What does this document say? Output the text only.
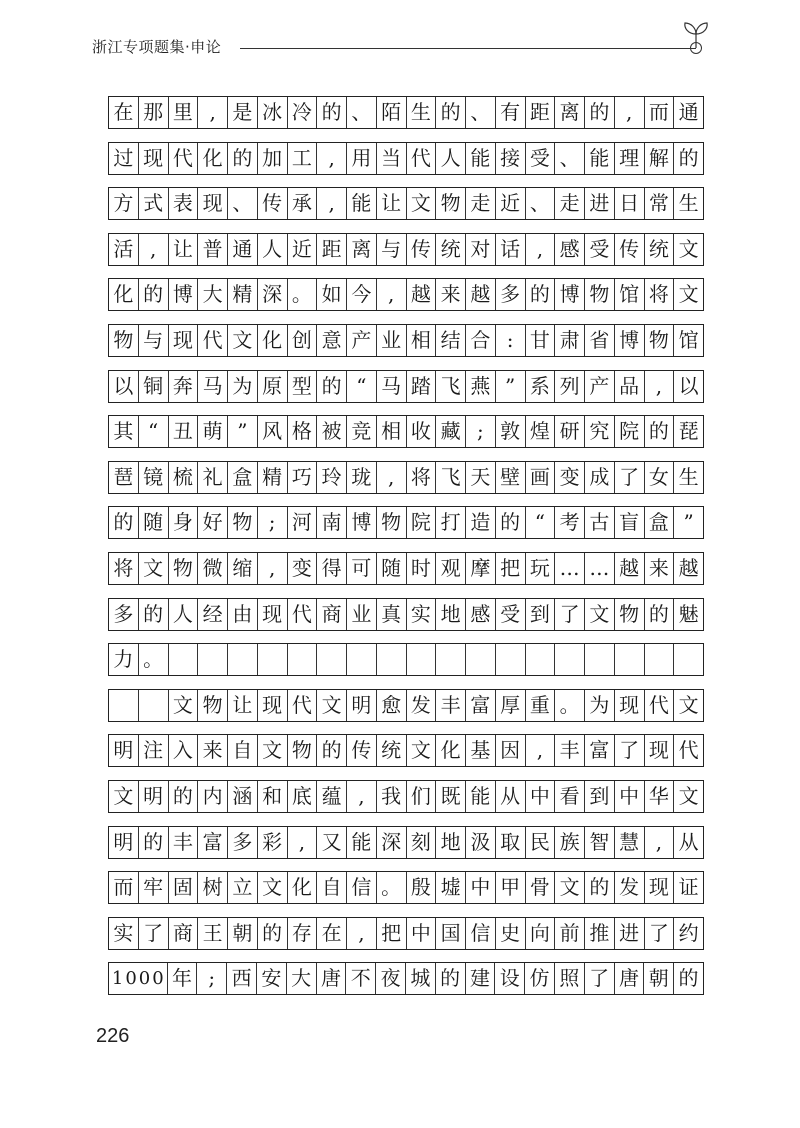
浙江专项题集·申论
在 那 里 , 是 冰 冷 的 、 陌 生 的 、 有 距 离 的 , 而 通
过 现 代 化 的 加 工 , 用 当 代 人 能 接 受 、 能 理 解 的
方 式 表 现 、 传 承 , 能 让 文 物 走 近 、 走 进 日 常 生
活 , 让 普 通 人 近 距 离 与 传 统 对 话 , 感 受 传 统 文
化 的 博 大 精 深 。 如 今 , 越 来 越 多 的 博 物 馆 将 文
物 与 现 代 文 化 创 意 产 业 相 结 合 : 甘 肃 省 博 物 馆
以 铜 奔 马 为 原 型 的 “ 马 踏 飞 燕 ” 系 列 产 品 , 以
其 “ 丑 萌 ” 风 格 被 竞 相 收 藏 ; 敦 煌 研 究 院 的 琵
琶 镜 梳 礼 盒 精 巧 玲 珑 , 将 飞 天 壁 画 变 成 了 女 生
的 随 身 好 物 ; 河 南 博 物 院 打 造 的 “ 考 古 盲 盒 ”
将 文 物 微 缩 , 变 得 可 随 时 观 摩 把 玩 … … 越 来 越
多 的 人 经 由 现 代 商 业 真 实 地 感 受 到 了 文 物 的 魅
力 。
文 物 让 现 代 文 明 愈 发 丰 富 厚 重 。 为 现 代 文
明 注 入 来 自 文 物 的 传 统 文 化 基 因 , 丰 富 了 现 代
文 明 的 内 涵 和 底 蕴 , 我 们 既 能 从 中 看 到 中 华 文
明 的 丰 富 多 彩 , 又 能 深 刻 地 汲 取 民 族 智 慧 , 从
而 牢 固 树 立 文 化 自 信 。 殷 墟 中 甲 骨 文 的 发 现 证
实 了 商 王 朝 的 存 在 , 把 中 国 信 史 向 前 推 进 了 约
1 0 0 0 年 ; 西 安 大 唐 不 夜 城 的 建 设 仿 照 了 唐 朝 的
226
